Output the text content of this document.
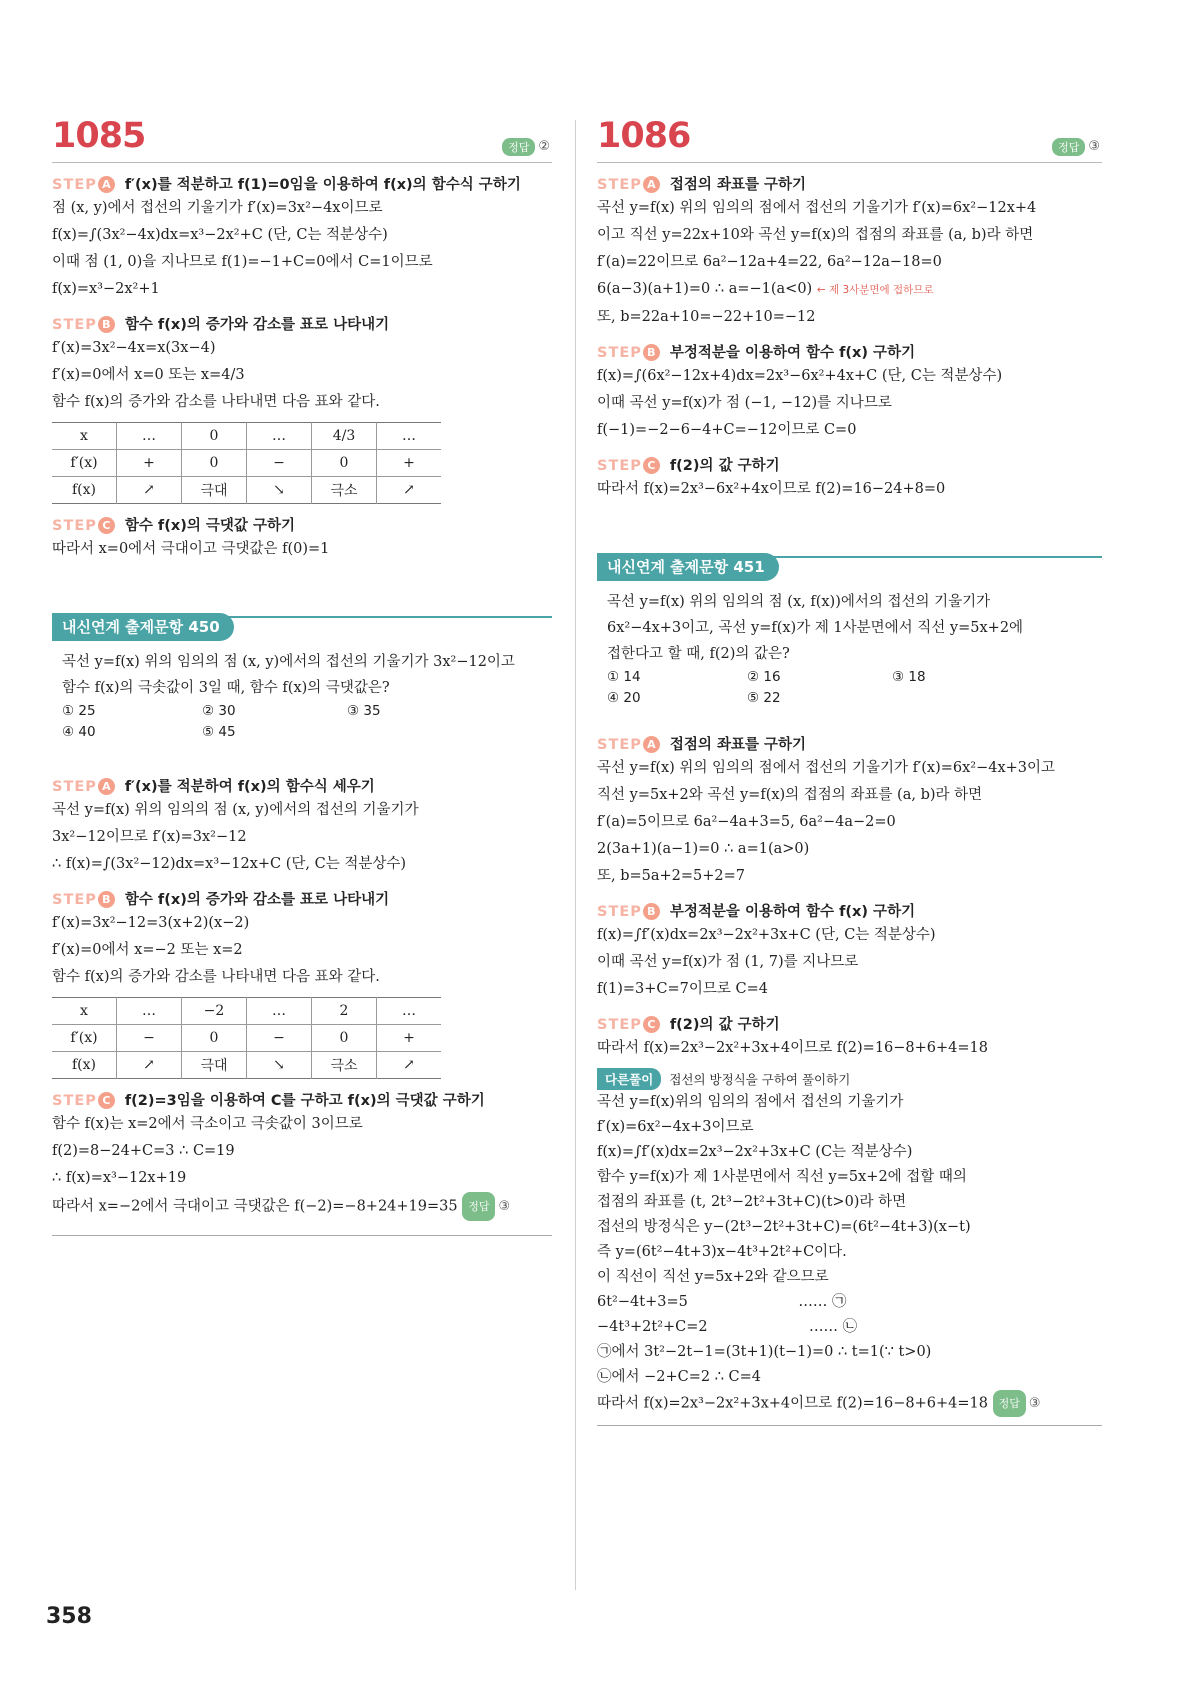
1085	정답 ②
STEP A f′(x)를 적분하고 f(1)=0임을 이용하여 f(x)의 함수식 구하기
점 (x, y)에서 접선의 기울기가 f′(x)=3x²−4x이므로
f(x)=∫(3x²−4x)dx=x³−2x²+C (단, C는 적분상수)
이때 점 (1, 0)을 지나므로 f(1)=−1+C=0에서 C=1이므로
f(x)=x³−2x²+1
STEP B 함수 f(x)의 증가와 감소를 표로 나타내기
f′(x)=3x²−4x=x(3x−4)
f′(x)=0에서 x=0 또는 x=4/3
함수 f(x)의 증가와 감소를 나타내면 다음 표와 같다.
x	…	0	…	4/3	…
f′(x)	+	0	−	0	+
f(x)	↗	극대	↘	극소	↗
STEP C 함수 f(x)의 극댓값 구하기
따라서 x=0에서 극대이고 극댓값은 f(0)=1
내신연계 출제문항 450
곡선 y=f(x) 위의 임의의 점 (x, y)에서의 접선의 기울기가 3x²−12이고
함수 f(x)의 극솟값이 3일 때, 함수 f(x)의 극댓값은?
① 25	② 30	③ 35
④ 40	⑤ 45
STEP A f′(x)를 적분하여 f(x)의 함수식 세우기
곡선 y=f(x) 위의 임의의 점 (x, y)에서의 접선의 기울기가
3x²−12이므로 f′(x)=3x²−12
∴ f(x)=∫(3x²−12)dx=x³−12x+C (단, C는 적분상수)
STEP B 함수 f(x)의 증가와 감소를 표로 나타내기
f′(x)=3x²−12=3(x+2)(x−2)
f′(x)=0에서 x=−2 또는 x=2
함수 f(x)의 증가와 감소를 나타내면 다음 표와 같다.
x	…	−2	…	2	…
f′(x)	−	0	−	0	+
f(x)	↗	극대	↘	극소	↗
STEP C f(2)=3임을 이용하여 C를 구하고 f(x)의 극댓값 구하기
함수 f(x)는 x=2에서 극소이고 극솟값이 3이므로
f(2)=8−24+C=3 ∴ C=19
∴ f(x)=x³−12x+19
따라서 x=−2에서 극대이고 극댓값은 f(−2)=−8+24+19=35 정답 ③
1086	정답 ③
STEP A 접점의 좌표를 구하기
곡선 y=f(x) 위의 임의의 점에서 접선의 기울기가 f′(x)=6x²−12x+4
이고 직선 y=22x+10와 곡선 y=f(x)의 접점의 좌표를 (a, b)라 하면
f′(a)=22이므로 6a²−12a+4=22, 6a²−12a−18=0
6(a−3)(a+1)=0 ∴ a=−1(a<0) ← 제 3사분면에 접하므로
또, b=22a+10=−22+10=−12
STEP B 부정적분을 이용하여 함수 f(x) 구하기
f(x)=∫(6x²−12x+4)dx=2x³−6x²+4x+C (단, C는 적분상수)
이때 곡선 y=f(x)가 점 (−1, −12)를 지나므로
f(−1)=−2−6−4+C=−12이므로 C=0
STEP C f(2)의 값 구하기
따라서 f(x)=2x³−6x²+4x이므로 f(2)=16−24+8=0
내신연계 출제문항 451
곡선 y=f(x) 위의 임의의 점 (x, f(x))에서의 접선의 기울기가
6x²−4x+3이고, 곡선 y=f(x)가 제 1사분면에서 직선 y=5x+2에
접한다고 할 때, f(2)의 값은?
① 14	② 16	③ 18
④ 20	⑤ 22
STEP A 접점의 좌표를 구하기
곡선 y=f(x) 위의 임의의 점에서 접선의 기울기가 f′(x)=6x²−4x+3이고
직선 y=5x+2와 곡선 y=f(x)의 접점의 좌표를 (a, b)라 하면
f′(a)=5이므로 6a²−4a+3=5, 6a²−4a−2=0
2(3a+1)(a−1)=0 ∴ a=1(a>0)
또, b=5a+2=5+2=7
STEP B 부정적분을 이용하여 함수 f(x) 구하기
f(x)=∫f′(x)dx=2x³−2x²+3x+C (단, C는 적분상수)
이때 곡선 y=f(x)가 점 (1, 7)를 지나므로
f(1)=3+C=7이므로 C=4
STEP C f(2)의 값 구하기
따라서 f(x)=2x³−2x²+3x+4이므로 f(2)=16−8+6+4=18
다른풀이 접선의 방정식을 구하여 풀이하기
곡선 y=f(x)위의 임의의 점에서 접선의 기울기가
f′(x)=6x²−4x+3이므로
f(x)=∫f′(x)dx=2x³−2x²+3x+C (C는 적분상수)
함수 y=f(x)가 제 1사분면에서 직선 y=5x+2에 접할 때의
접점의 좌표를 (t, 2t³−2t²+3t+C)(t>0)라 하면
접선의 방정식은 y−(2t³−2t²+3t+C)=(6t²−4t+3)(x−t)
즉 y=(6t²−4t+3)x−4t³+2t²+C이다.
이 직선이 직선 y=5x+2와 같으므로
6t²−4t+3=5                        …… ㉠
−4t³+2t²+C=2                      …… ㉡
㉠에서 3t²−2t−1=(3t+1)(t−1)=0 ∴ t=1(∵ t>0)
㉡에서 −2+C=2 ∴ C=4
따라서 f(x)=2x³−2x²+3x+4이므로 f(2)=16−8+6+4=18 정답 ③
358
